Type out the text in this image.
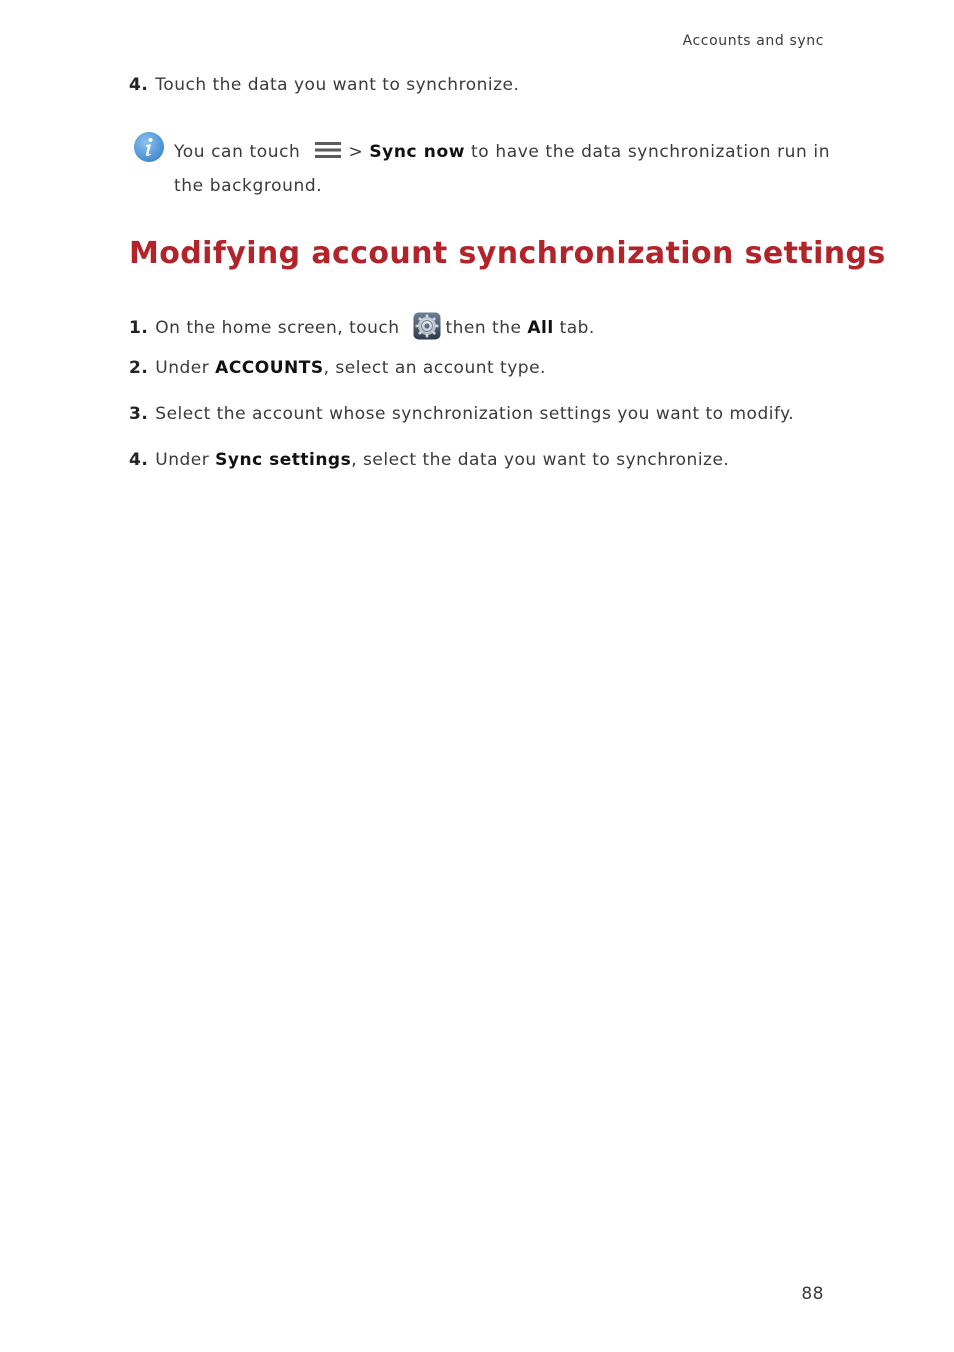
Accounts and sync
4. Touch the data you want to synchronize.
You can touch	> Sync now to have the data synchronization run in the background.
Modifying account synchronization settings
1. On the home screen, touch	then the All tab.
2. Under ACCOUNTS, select an account type.
3. Select the account whose synchronization settings you want to modify.
4. Under Sync settings, select the data you want to synchronize.
88
